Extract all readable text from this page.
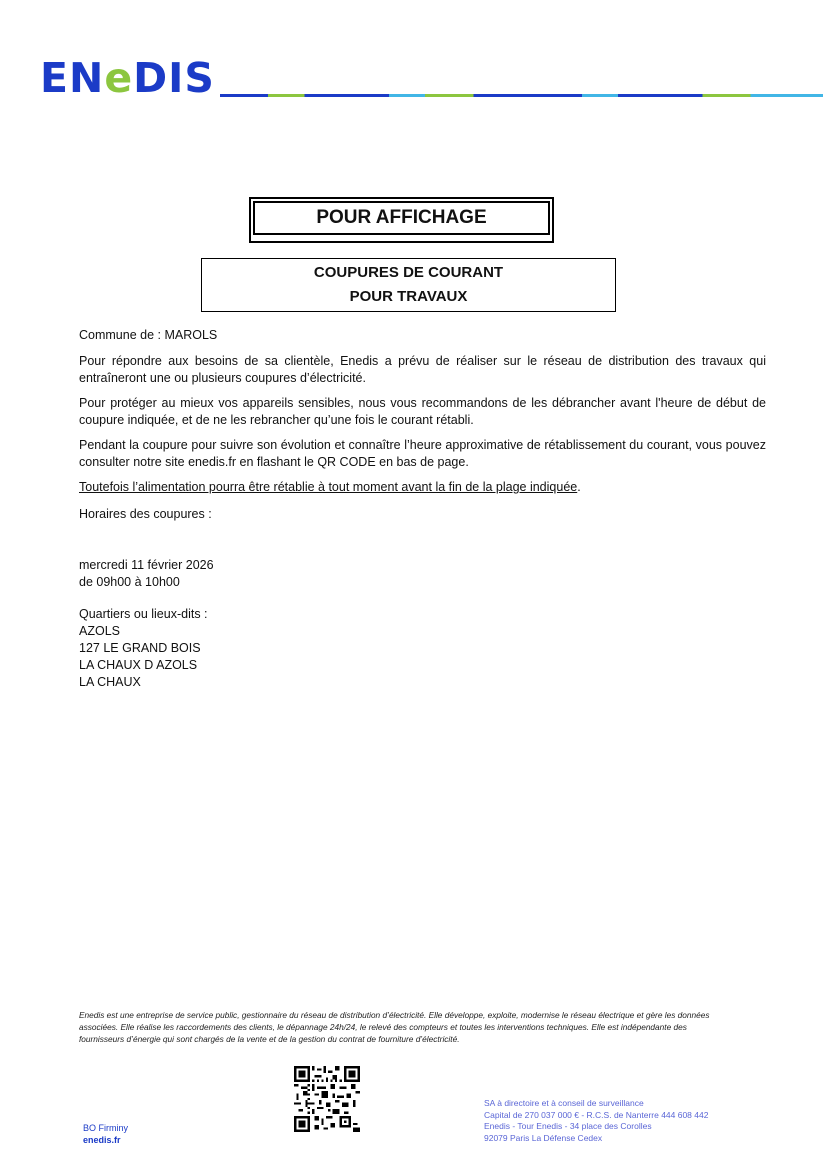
ENeDIS
POUR AFFICHAGE
COUPURES DE COURANT
POUR TRAVAUX
Commune de : MAROLS

Pour répondre aux besoins de sa clientèle, Enedis a prévu de réaliser sur le réseau de distribution des travaux qui entraîneront une ou plusieurs coupures d’électricité.

Pour protéger au mieux vos appareils sensibles, nous vous recommandons de les débrancher avant l'heure de début de coupure indiquée, et de ne les rebrancher qu’une fois le courant rétabli.

Pendant la coupure pour suivre son évolution et connaître l’heure approximative de rétablissement du courant, vous pouvez consulter notre site enedis.fr en flashant le QR CODE en bas de page.

Toutefois l’alimentation pourra être rétablie à tout moment avant la fin de la plage indiquée.
Horaires des coupures :
mercredi 11 février 2026
de 09h00 à 10h00
Quartiers ou lieux-dits :
AZOLS
127 LE GRAND BOIS
LA CHAUX D AZOLS
LA CHAUX
Enedis est une entreprise de service public, gestionnaire du réseau de distribution d’électricité. Elle développe, exploite, modernise le réseau électrique et gère les données
associées. Elle réalise les raccordements des clients, le dépannage 24h/24, le relevé des compteurs et toutes les interventions techniques. Elle est indépendante des
fournisseurs d’énergie qui sont chargés de la vente et de la gestion du contrat de fourniture d’électricité.
BO Firminy
enedis.fr
SA à directoire et à conseil de surveillance
Capital de 270 037 000 € - R.C.S. de Nanterre 444 608 442
Enedis - Tour Enedis - 34 place des Corolles
92079 Paris La Défense Cedex
